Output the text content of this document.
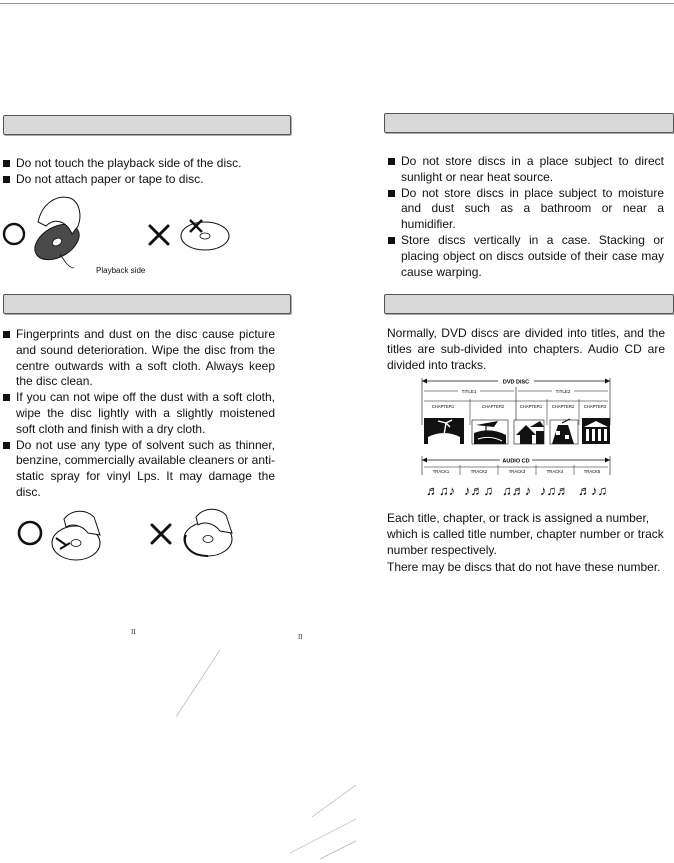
Do not touch the playback side of the disc.
Do not attach paper or tape to disc.
Playback side
Fingerprints and dust on the disc cause picture and sound deterioration. Wipe the disc from the centre outwards with a soft cloth. Always keep the disc clean.
If you can not wipe off the dust with a soft cloth, wipe the disc lightly with a slightly moistened soft cloth and finish with a dry cloth.
Do not use any type of solvent such as thinner, benzine, commercially available cleaners or anti-static spray for vinyl Lps. It may damage the disc.
Do not store discs in a place subject to direct sunlight or near heat source.
Do not store discs in place subject to moisture and dust such as a bathroom or near a humidifier.
Store discs vertically in a case. Stacking or placing object on discs outside of their case may cause warping.

Normally, DVD discs are divided into titles, and the titles are sub-divided into chapters. Audio CD are divided into tracks.

DVD DISC
TITLE1	TITLE2
CHAPTER1	CHAPTER2	CHAPTER1 CHAPTER2 CHAPTER3
AUDIO CD
TRACK1	TRACK2	TRACK3	TRACK4	TRACK5
♬♫♪ ♪♬♫ ♫♬♪ ♪♫♬ ♬♪♫

Each title, chapter, or track is assigned a number, which is called title number, chapter number or track number respectively.

There may be discs that do not have these number.

II
II
